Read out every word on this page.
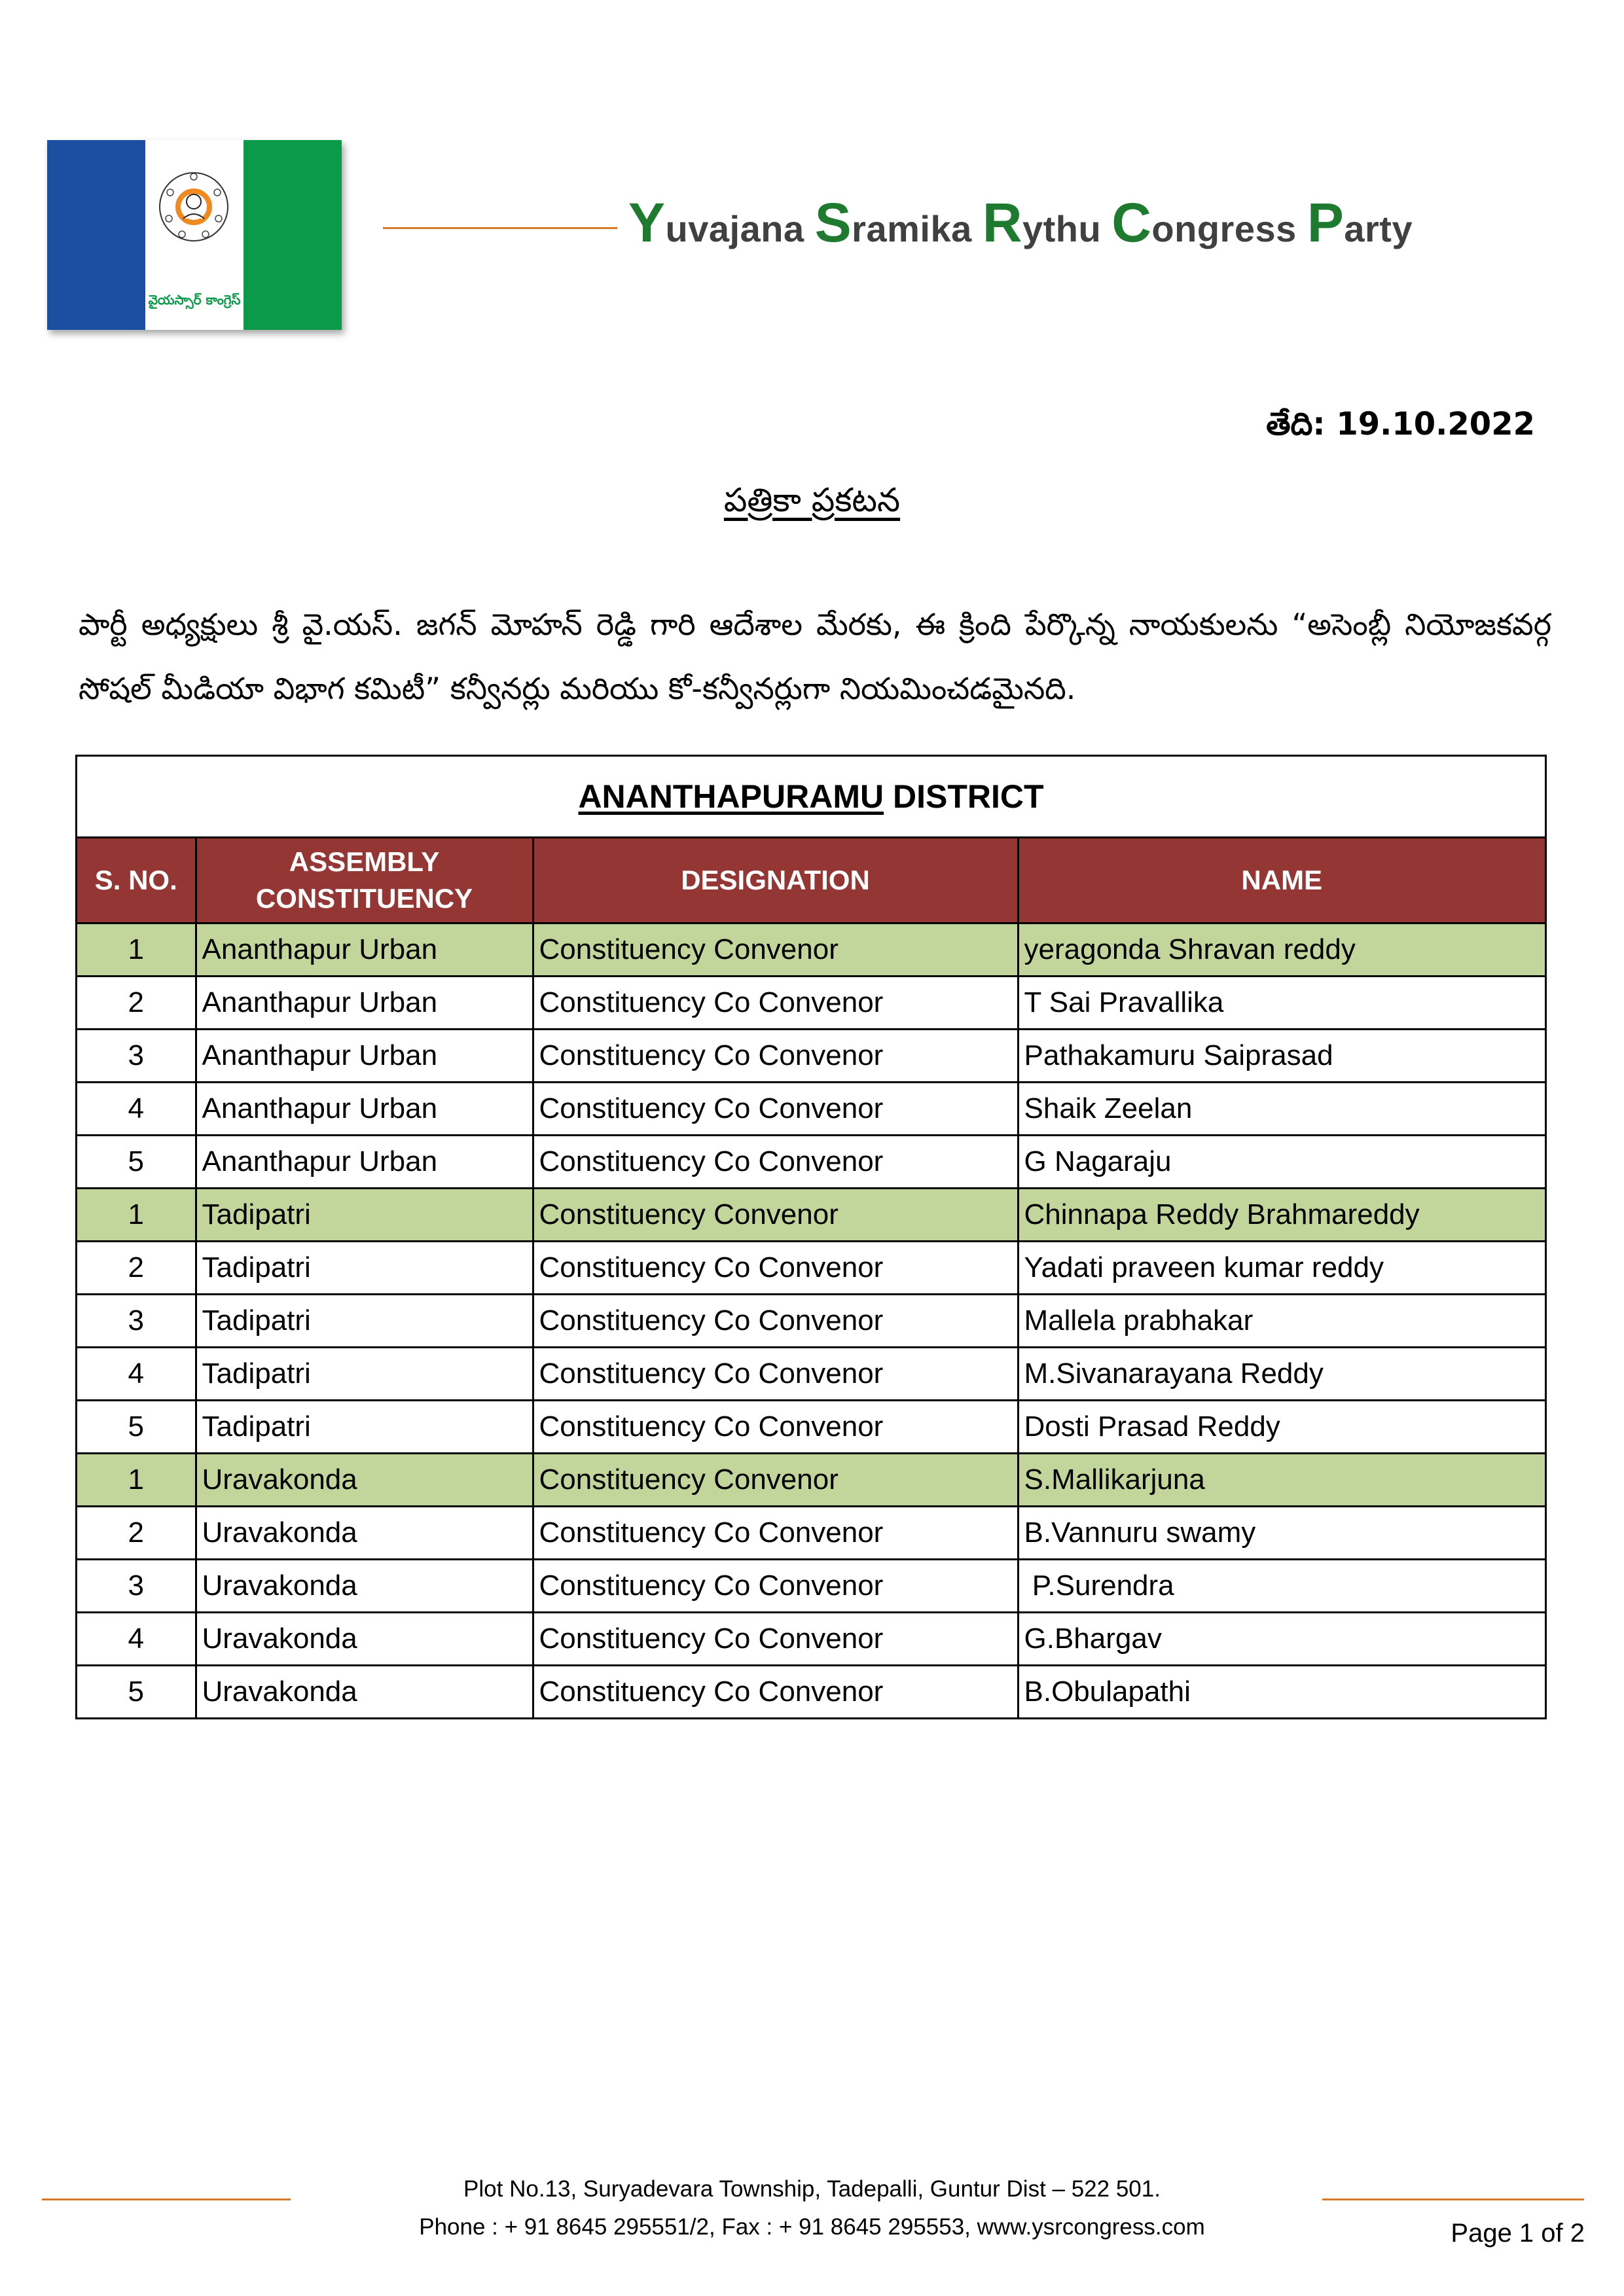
వైయస్సార్ కాంగ్రెస్
Yuvajana Sramika Rythu Congress Party
తేది: 19.10.2022
పత్రికా ప్రకటన
పార్టీ అధ్యక్షులు శ్రీ వై.యస్. జగన్ మోహన్ రెడ్డి గారి ఆదేశాల మేరకు, ఈ క్రింది పేర్కొన్న నాయకులను “అసెంబ్లీ నియోజకవర్గ సోషల్ మీడియా విభాగ కమిటీ” కన్వీనర్లు మరియు కో-కన్వీనర్లుగా నియమించడమైనది.
ANANTHAPURAMU DISTRICT
S. NO.	ASSEMBLY CONSTITUENCY	DESIGNATION	NAME
1	Ananthapur Urban	Constituency Convenor	yeragonda Shravan reddy
2	Ananthapur Urban	Constituency Co Convenor	T Sai Pravallika
3	Ananthapur Urban	Constituency Co Convenor	Pathakamuru Saiprasad
4	Ananthapur Urban	Constituency Co Convenor	Shaik Zeelan
5	Ananthapur Urban	Constituency Co Convenor	G Nagaraju
1	Tadipatri	Constituency Convenor	Chinnapa Reddy Brahmareddy
2	Tadipatri	Constituency Co Convenor	Yadati praveen kumar reddy
3	Tadipatri	Constituency Co Convenor	Mallela prabhakar
4	Tadipatri	Constituency Co Convenor	M.Sivanarayana Reddy
5	Tadipatri	Constituency Co Convenor	Dosti Prasad Reddy
1	Uravakonda	Constituency Convenor	S.Mallikarjuna
2	Uravakonda	Constituency Co Convenor	B.Vannuru swamy
3	Uravakonda	Constituency Co Convenor	P.Surendra
4	Uravakonda	Constituency Co Convenor	G.Bhargav
5	Uravakonda	Constituency Co Convenor	B.Obulapathi
Plot No.13, Suryadevara Township, Tadepalli, Guntur Dist – 522 501.
Phone : + 91 8645 295551/2, Fax : + 91 8645 295553, www.ysrcongress.com	Page 1 of 2
